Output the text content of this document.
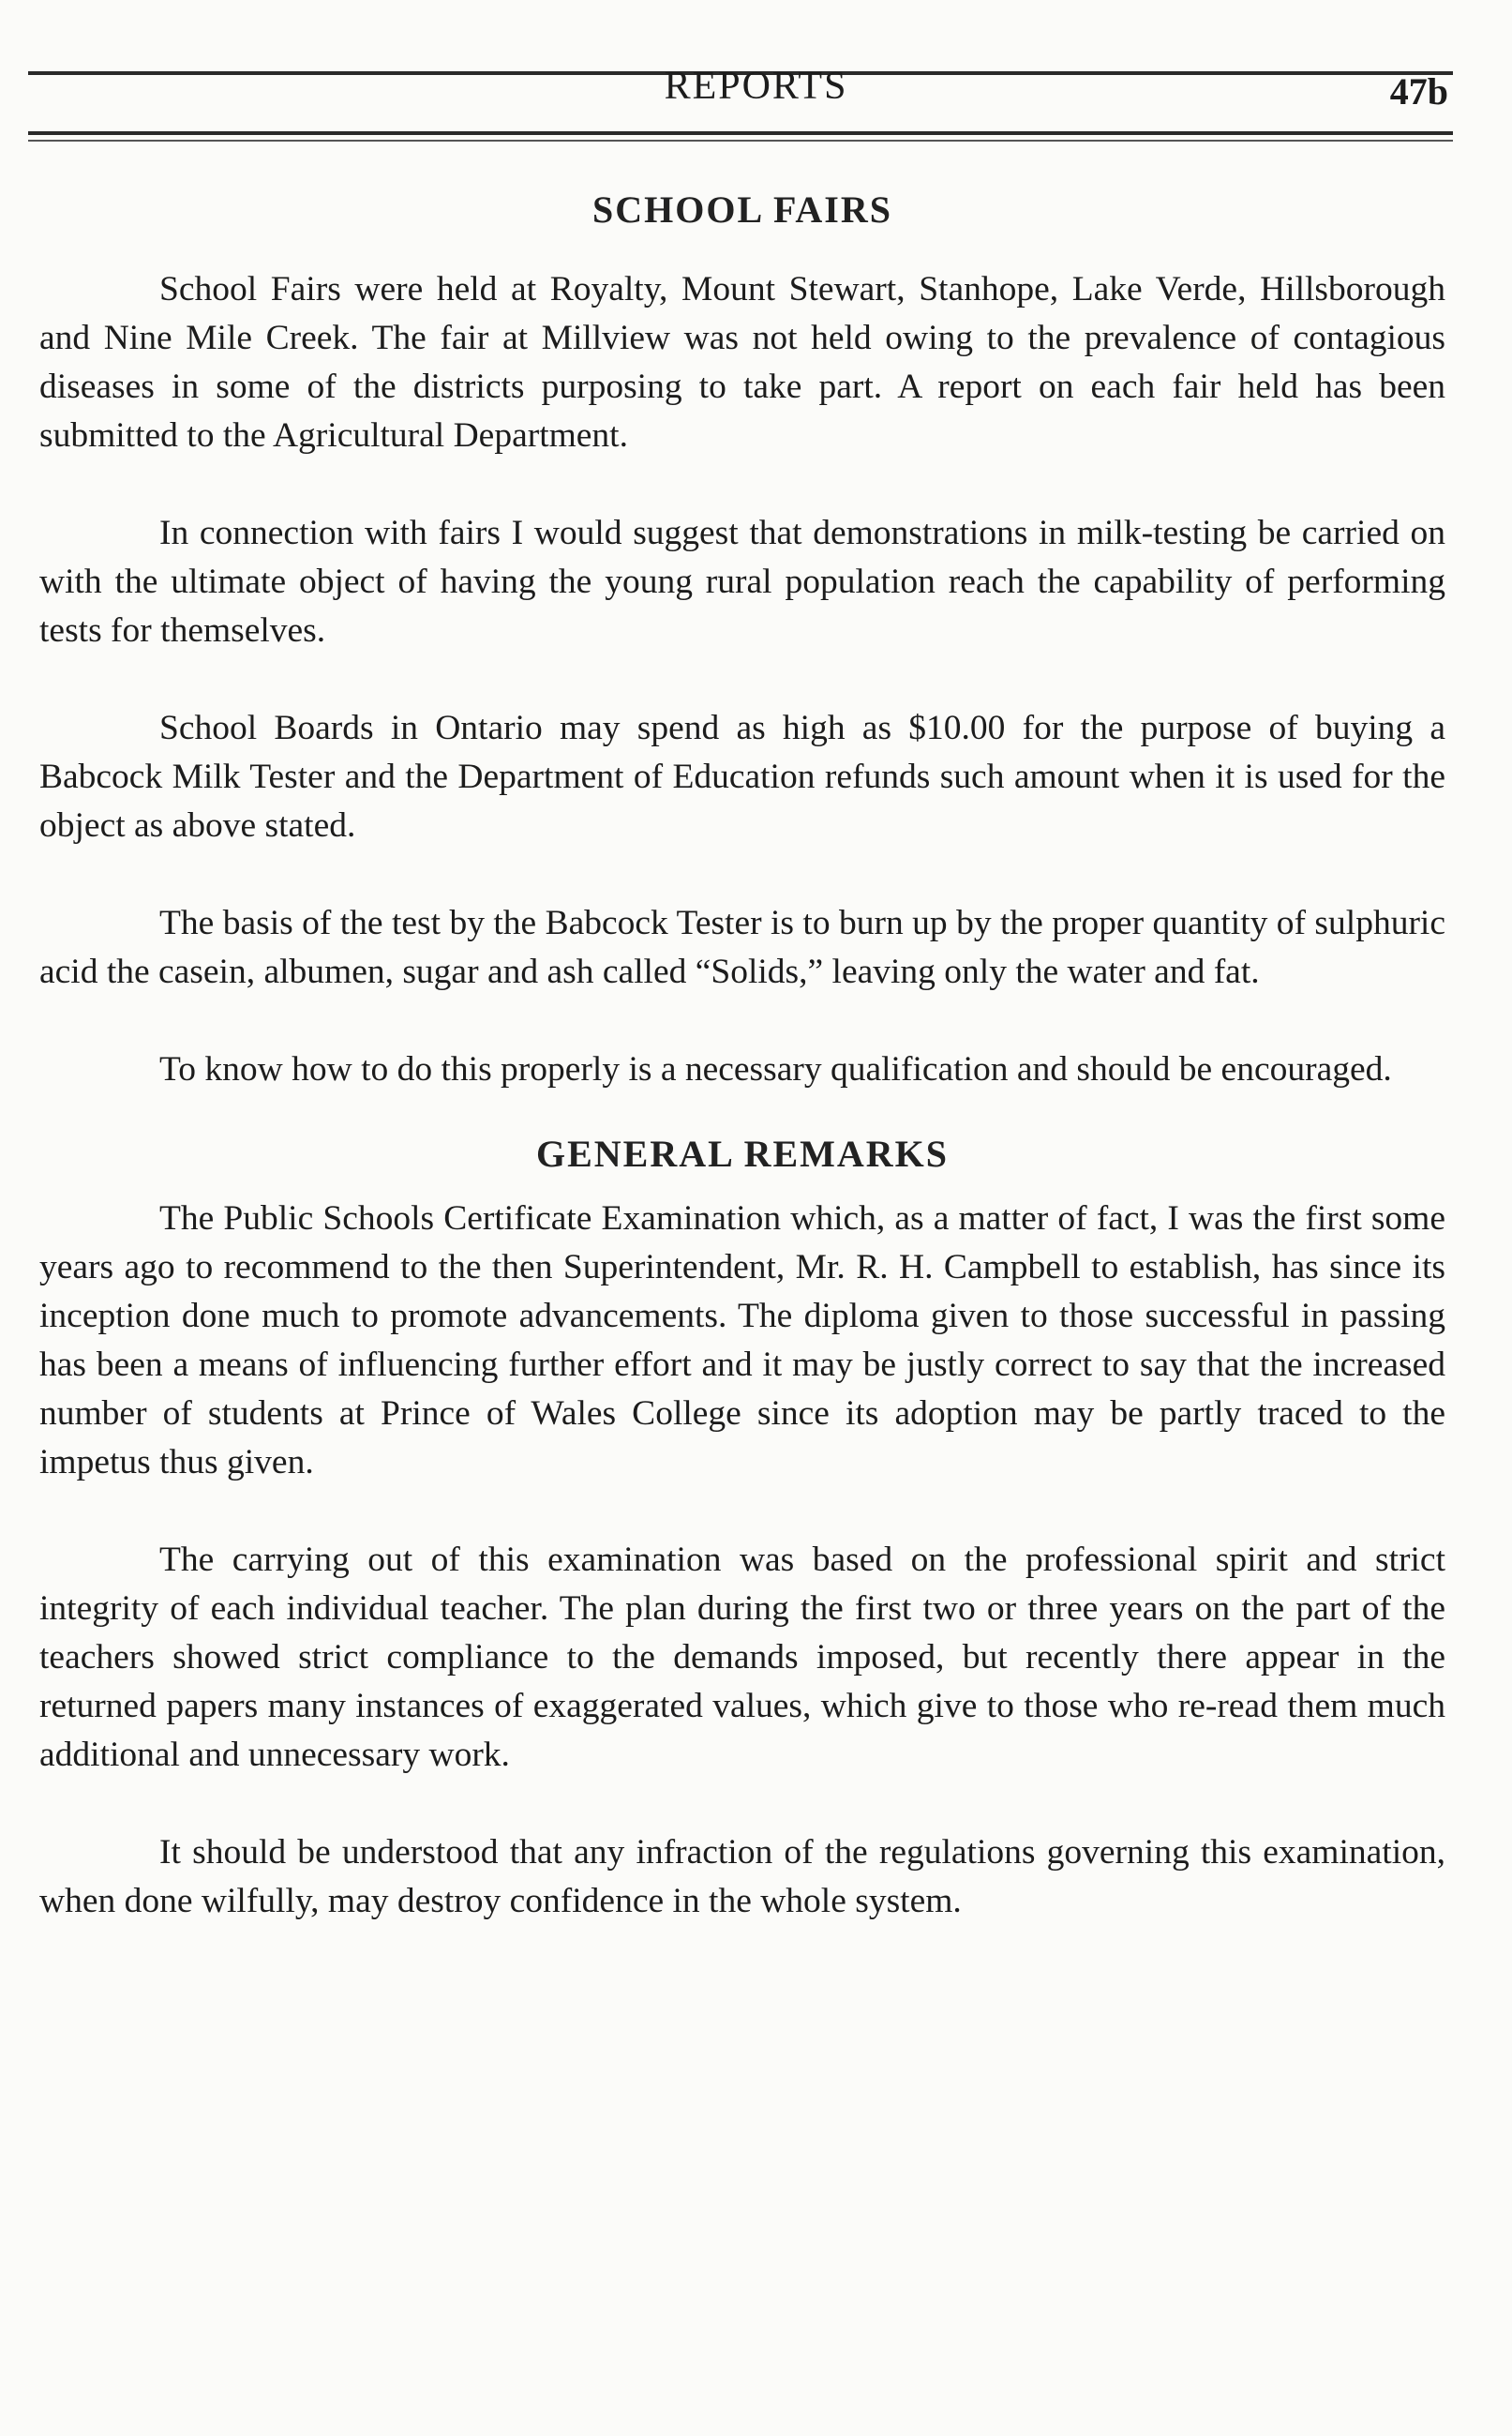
REPORTS	47b
SCHOOL FAIRS

School Fairs were held at Royalty, Mount Stewart, Stanhope, Lake Verde, Hillsborough and Nine Mile Creek. The fair at Millview was not held owing to the prevalence of contagious diseases in some of the districts purposing to take part. A report on each fair held has been submitted to the Agricultural Department.

In connection with fairs I would suggest that demonstrations in milk-testing be carried on with the ultimate object of having the young rural population reach the capability of performing tests for themselves.

School Boards in Ontario may spend as high as $10.00 for the purpose of buying a Babcock Milk Tester and the Department of Education refunds such amount when it is used for the object as above stated.

The basis of the test by the Babcock Tester is to burn up by the proper quantity of sulphuric acid the casein, albumen, sugar and ash called “Solids,” leaving only the water and fat.

To know how to do this properly is a necessary qualification and should be encouraged.

GENERAL REMARKS

The Public Schools Certificate Examination which, as a matter of fact, I was the first some years ago to recommend to the then Superintendent, Mr. R. H. Campbell to establish, has since its inception done much to promote advancements. The diploma given to those successful in passing has been a means of influencing further effort and it may be justly correct to say that the increased number of students at Prince of Wales College since its adoption may be partly traced to the impetus thus given.

The carrying out of this examination was based on the professional spirit and strict integrity of each individual teacher. The plan during the first two or three years on the part of the teachers showed strict compliance to the demands imposed, but recently there appear in the returned papers many instances of exaggerated values, which give to those who re-read them much additional and unnecessary work.

It should be understood that any infraction of the regulations governing this examination, when done wilfully, may destroy confidence in the whole system.
